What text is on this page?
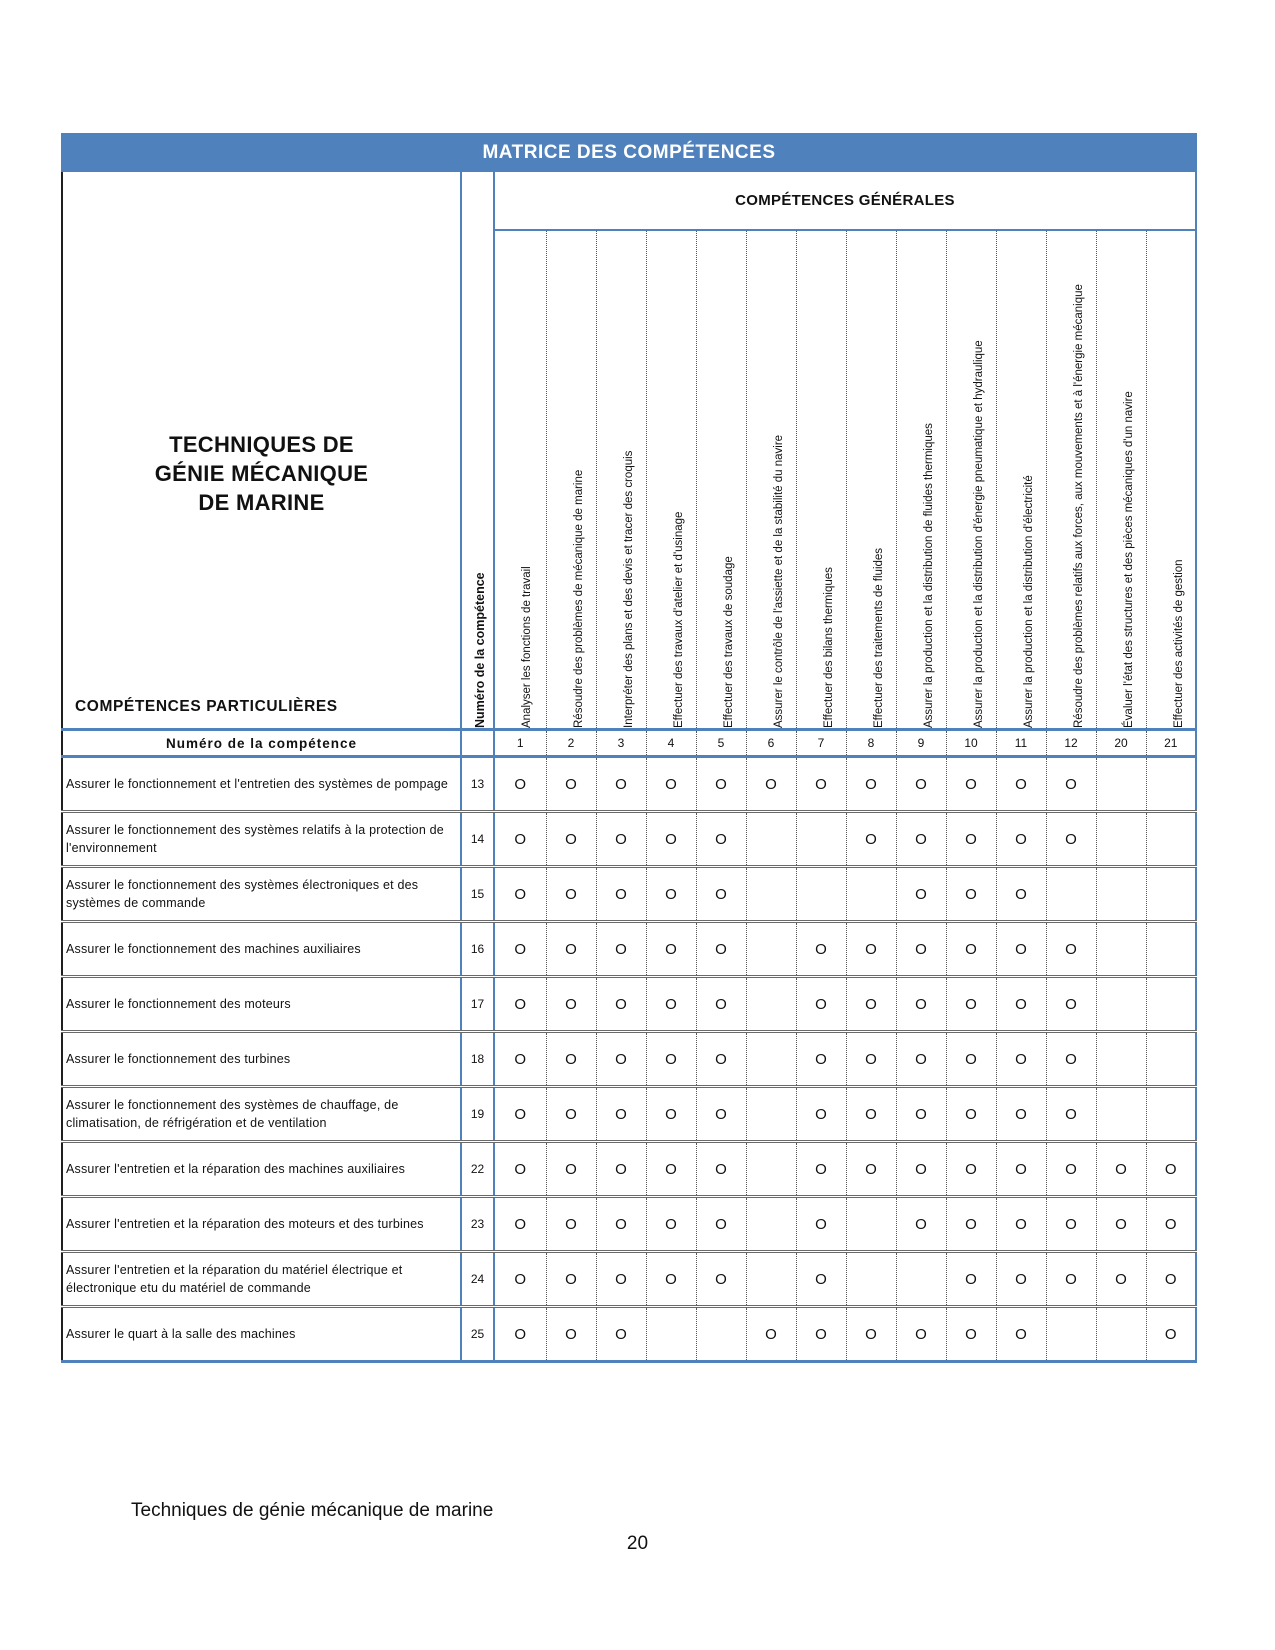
MATRICE DES COMPÉTENCES															

TECHNIQUES DE
GÉNIE MÉCANIQUE
DE MARINE
COMPÉTENCES PARTICULIÈRES	Numéro de la compétence	COMPÉTENCES GÉNÉRALES													

Analyser les fonctions de travail	Résoudre des problèmes de mécanique de marine	Interpréter des plans et des devis et tracer des croquis	Effectuer des travaux d'atelier et d'usinage	Effectuer des travaux de soudage	Assurer le contrôle de l'assiette et de la stabilité du navire	Effectuer des bilans thermiques	Effectuer des traitements de fluides	Assurer la production et la distribution de fluides thermiques	Assurer la production et la distribution d'énergie pneumatique et hydraulique	Assurer la production et la distribution d'électricité	Résoudre des problèmes relatifs aux forces, aux mouvements et à l'énergie mécanique	Évaluer l'état des structures et des pièces mécaniques d'un navire	Effectuer des activités de gestion

Numéro de la compétence		1	2	3	4	5	6	7	8	9	10	11	12	20	21
Assurer le fonctionnement et l'entretien des systèmes de pompage	13	O	O	O	O	O	O	O	O	O	O	O	O		
Assurer le fonctionnement des systèmes relatifs à la protection de l'environnement	14	O	O	O	O	O			O	O	O	O	O		
Assurer le fonctionnement des systèmes électroniques et des systèmes de commande	15	O	O	O	O	O				O	O	O			
Assurer le fonctionnement des machines auxiliaires	16	O	O	O	O	O		O	O	O	O	O	O		
Assurer le fonctionnement des moteurs	17	O	O	O	O	O		O	O	O	O	O	O		
Assurer le fonctionnement des turbines	18	O	O	O	O	O		O	O	O	O	O	O		
Assurer le fonctionnement des systèmes de chauffage, de climatisation, de réfrigération et de ventilation	19	O	O	O	O	O		O	O	O	O	O	O		
Assurer l'entretien et la réparation des machines auxiliaires	22	O	O	O	O	O		O	O	O	O	O	O	O	O
Assurer l'entretien et la réparation des moteurs et des turbines	23	O	O	O	O	O		O		O	O	O	O	O	O
Assurer l'entretien et la réparation du matériel électrique et électronique etu du matériel de commande	24	O	O	O	O	O		O			O	O	O	O	O
Assurer le quart à la salle des machines	25	O	O	O			O	O	O	O	O	O			O
Techniques de génie mécanique de marine
20
